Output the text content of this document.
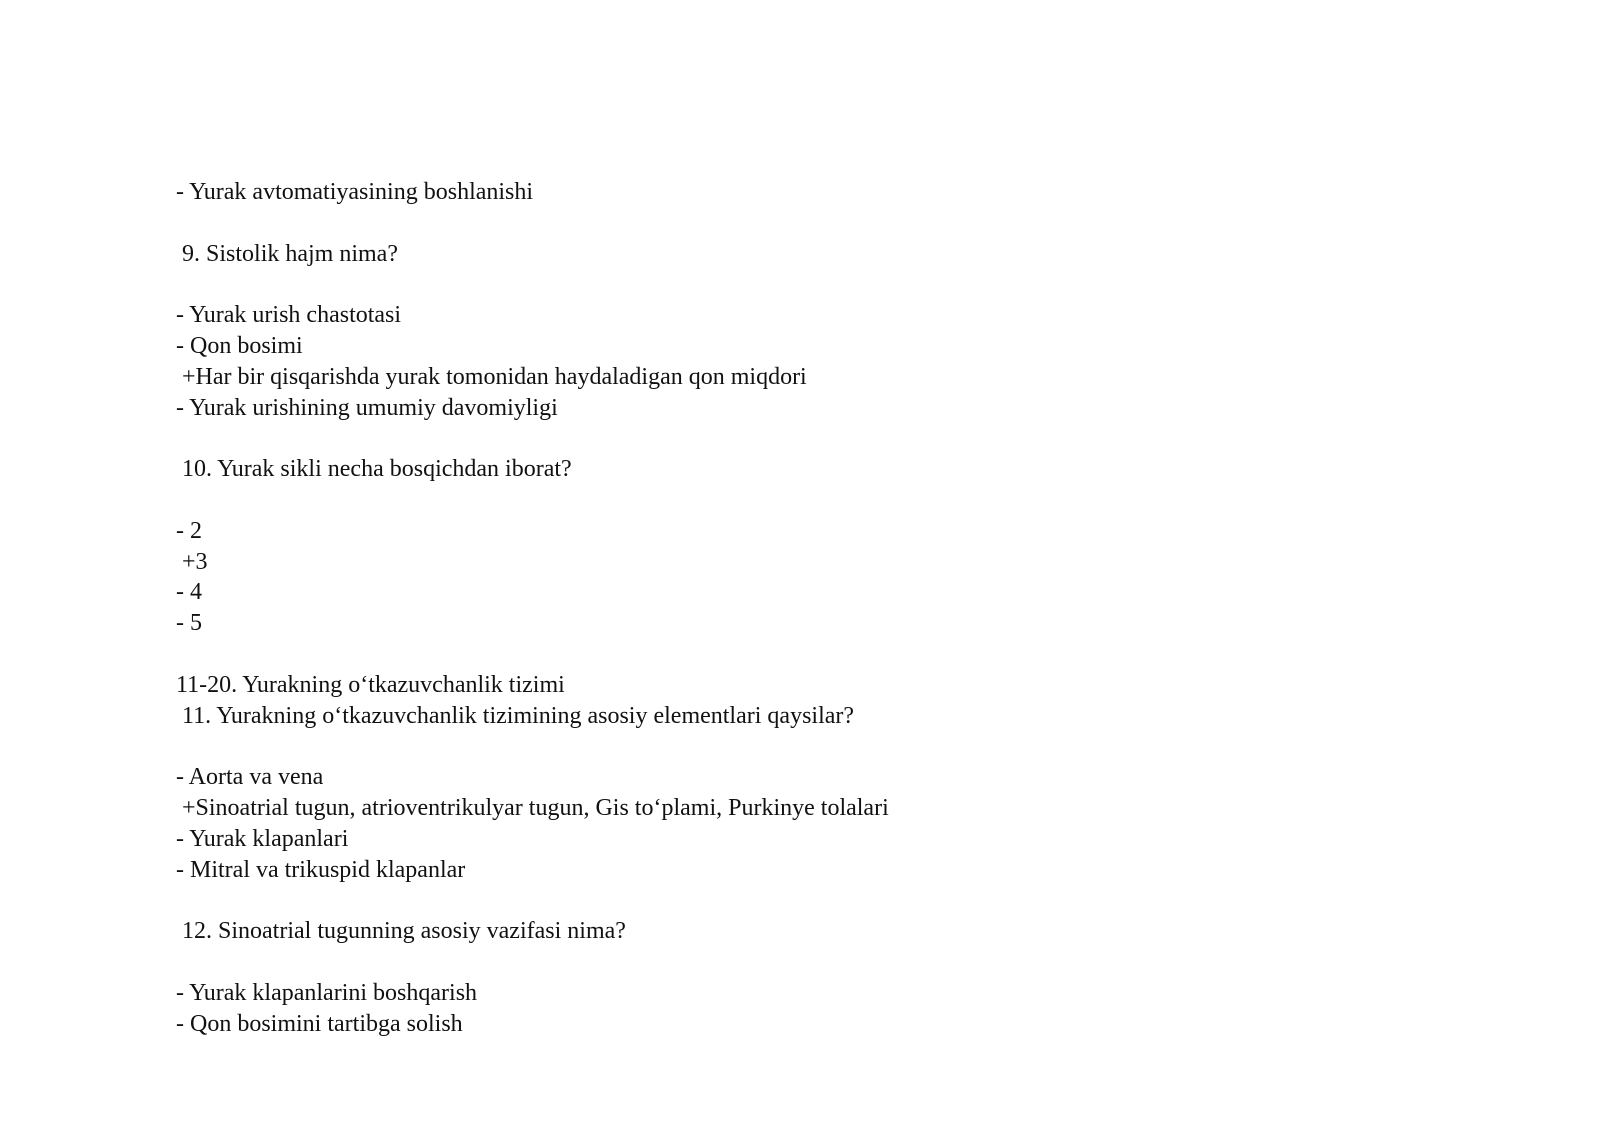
- Yurak avtomatiyasining boshlanishi
9. Sistolik hajm nima?
- Yurak urish chastotasi
- Qon bosimi
+Har bir qisqarishda yurak tomonidan haydaladigan qon miqdori
- Yurak urishining umumiy davomiyligi
10. Yurak sikli necha bosqichdan iborat?
- 2
+3
- 4
- 5
11-20. Yurakning o‘tkazuvchanlik tizimi
11. Yurakning o‘tkazuvchanlik tizimining asosiy elementlari qaysilar?
- Aorta va vena
+Sinoatrial tugun, atrioventrikulyar tugun, Gis to‘plami, Purkinye tolalari
- Yurak klapanlari
- Mitral va trikuspid klapanlar
12. Sinoatrial tugunning asosiy vazifasi nima?
- Yurak klapanlarini boshqarish
- Qon bosimini tartibga solish
